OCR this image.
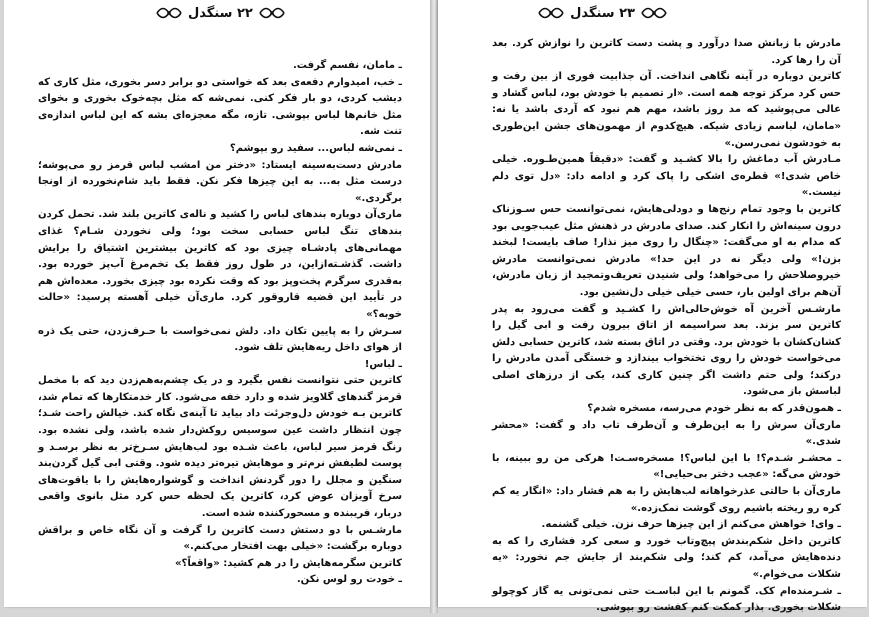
۲۲ سنگدل

ـ مامان، نفسم گرفت.

ـ خب، امیدوارم دفعه‌ی بعد که خواستی دو برابر دسر بخوری، مثل کاری که دیشب کردی، دو بار فکر کنی. نمی‌شه که مثل بچه‌خوک بخوری و بخوای مثل خانم‌ها لباس بپوشی. تازه، مگه معجزه‌ای بشه که این لباس اندازه‌ی تنت شه.

ـ نمی‌شه لباس... سفید رو بپوشم؟

مادرش دست‌به‌سینه ایستاد: «دختر من امشب لباس قرمز رو می‌پوشه؛ درست مثل به... به این چیزها فکر نکن. فقط باید شام‌نخورده از اونجا برگردی.»

ماری‌آن دوباره بندهای لباس را کشید و ناله‌ی کاترین بلند شد. تحمل کردن بندهای تنگ لباس حسابی سخت بود؛ ولی نخوردن شـام؟ غذای مهمانی‌های پادشـاه چیزی بود که کاترین بیشترین اشتیاق را برایش داشت. گذشـته‌ازاین، در طول روز فقط یک تخم‌مرغ آب‌پز خورده بود. به‌قدری سرگرم پخت‌وپز بود که وقت نکرده بود چیزی بخورد. معده‌اش هم در تأیید این قضیه قاروقور کرد. ماری‌آن خیلی آهسته پرسید: «حالت خوبه؟»

سـرش را به پایین تکان داد. دلش نمی‌خواست با حـرف‌زدن، حتی یک ذره از هوای داخل ریه‌هایش تلف شود.

ـ لباس!

کاترین حتی نتوانست نفس بگیرد و در یک چشم‌به‌هم‌زدن دید که با مخمل قرمز گندهای گلاویز شده و دارد خفه می‌شود. کار خدمتکارها که تمام شد، کاترین بـه خودش دل‌وجرئت داد بیاید تا آینه‌ی نگاه کند. خیالش راحت شـد؛ چون انتظار داشت عین سوسیس روکش‌دار شده باشد، ولی نشده بود. رنگ قرمز سیر لباس، باعث شـده بود لب‌هایش سـرخ‌تر به نظر برسـد و پوست لطیفش نرم‌تر و موهایش تیره‌تر دیده شود. وقتی ابی گیل گردن‌بند سنگین و مجلل را دور گردنش انداخت و گوشواره‌هایش را با یاقوت‌های سرخ آویزان عوض کرد، کاترین یک لحظه حس کرد مثل بانوی واقعی دربار، فریبنده و مسحورکننده شده است.

مارشـس با دو دستش دست کاترین را گرفت و آن نگاه خاص و براقش دوباره برگشت: «خیلی بهت افتخار می‌کنم.»

کاترین سگرمه‌هایش را در هم کشید: «واقعاً؟»

ـ خودت رو لوس نکن.

۲۳ سنگدل

مادرش با زبانش صدا درآورد و پشت دست کاترین را نوازش کرد. بعد آن را رها کرد.

کاترین دوباره در آینه نگاهی انداخت. آن جذابیت فوری از بین رفت و حس کرد مرکز توجه همه است. «ار تصمیم با خودش بود، لباس گشاد و عالی می‌پوشید که مد روز باشد، مهم هم نبود که آردی باشد یا نه: «مامان، لباسم زیادی شیکه. هیچ‌کدوم از مهمون‌های جشن این‌طوری به خودشون نمی‌رسن.»

مـادرش آب دماغش را بالا کشـید و گفت: «دقیقاً همین‌طـوره. خیلی خاص شدی!» قطره‌ی اشکی را پاک کرد و ادامه داد: «دل توی دلم نیست.»

کاترین با وجود تمام رنج‌ها و دودلی‌هایش، نمی‌توانست حس سـوزناک درون سینه‌اش را انکار کند. صدای مادرش در ذهنش مثل عیب‌جویی بود که مدام به او می‌گفت: «چنگال را روی میز نذار! صاف بایست! لبخند بزن!» ولی دیگر نه در این حد!» مادرش نمی‌توانست مادرش خیرو‌صلاحش را می‌خواهد؛ ولی شنیدن تعریف‌وتمجید از زبان مادرش، آن‌هم برای اولین بار، حسی خیلی خیلی دل‌نشین بود.

مارشـس آخرین آه خوش‌حالی‌اش را کشـید و گفت می‌رود به پدر کاترین سر بزند. بعد سراسیمه از اتاق بیرون رفت و ابی گیل را کشان‌کشان با خودش برد. وقتی در اتاق بسته شد، کاترین حسابی دلش می‌خواست خودش را روی تختخواب بیندازد و خستگی آمدن مادرش را درکند؛ ولی حتم داشت اگر چنین کاری کند، یکی از درزهای اصلی لباسش باز می‌شود.

ـ همون‌قدر که به نظر خودم می‌رسه، مسخره شدم؟

ماری‌آن سرش را به این‌طرف و آن‌طرف تاب داد و گفت: «محشر شدی.»

ـ محشـر شـدم؟! با این لباس؟! مسخره‌سـت! هرکی من رو ببینه، با خودش می‌گه: «عجب دختر بی‌حیایی!»

ماری‌آن با حالتی عذرخواهانه لب‌هایش را به هم فشار داد: «انگار یه کم کره رو ریخته باشیم روی گوشت نمک‌زده.»

ـ وای! خواهش می‌کنم از این چیزها حرف نزن. خیلی گشنمه.

کاترین داخل شکم‌بندش پیچ‌وتاب خورد و سعی کرد فشاری را که به دنده‌هایش می‌آمد، کم کند؛ ولی شکم‌بند از جایش جم نخورد: «یه شکلات می‌خوام.»

ـ شـرمنده‌ام کک. گمونم با این لباسـت حتی نمی‌تونی یه گاز کوچولو شکلات بخوری. بذار کمکت کنم کفشت رو بپوشی.
